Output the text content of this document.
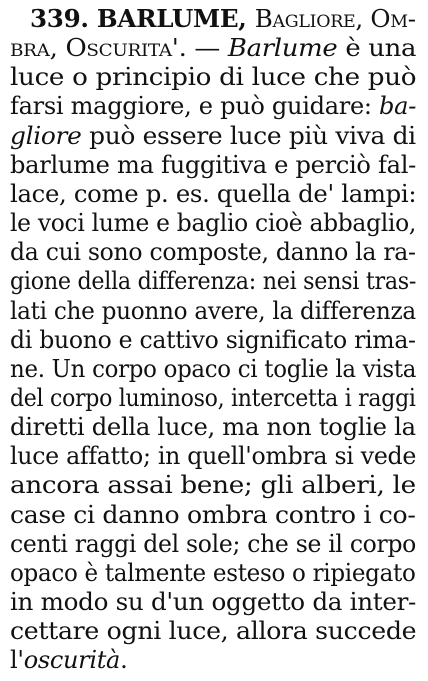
339. BARLUME, Bagliore, Om-
bra, Oscurita'. — Barlume è una
luce o principio di luce che può
farsi maggiore, e può guidare: ba-
gliore può essere luce più viva di
barlume ma fuggitiva e perciò fal-
lace, come p. es. quella de' lampi:
le voci lume e baglio cioè abbaglio,
da cui sono composte, danno la ra-
gione della differenza: nei sensi tras-
lati che puonno avere, la differenza
di buono e cattivo significato rima-
ne. Un corpo opaco ci toglie la vista
del corpo luminoso, intercetta i raggi
diretti della luce, ma non toglie la
luce affatto; in quell'ombra si vede
ancora assai bene; gli alberi, le
case ci danno ombra contro i co-
centi raggi del sole; che se il corpo
opaco è talmente esteso o ripiegato
in modo su d'un oggetto da inter-
cettare ogni luce, allora succede
l'oscurità.
